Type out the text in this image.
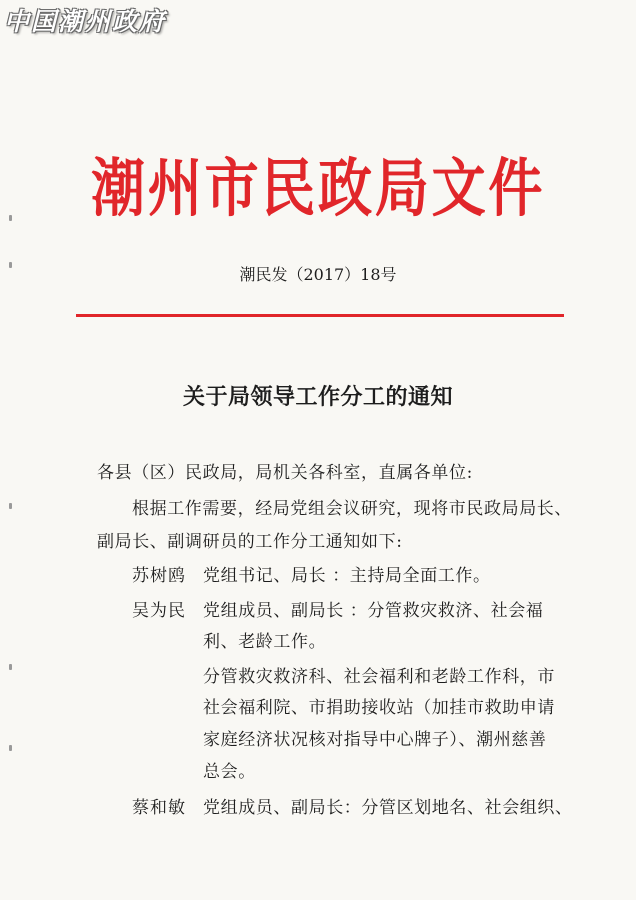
中国潮州政府
潮州市民政局文件
潮民发（2017）18号
关于局领导工作分工的通知
各县（区）民政局，局机关各科室，直属各单位:
根据工作需要，经局党组会议研究，现将市民政局局长、
副局长、副调研员的工作分工通知如下:
苏树鸥 党组书记、局长 ：主持局全面工作。
吴为民 党组成员、副局长 ：分管救灾救济、社会福
利、老龄工作。
分管救灾救济科、社会福利和老龄工作科，市
社会福利院、市捐助接收站（加挂市救助申请
家庭经济状况核对指导中心牌子）、潮州慈善
总会。
蔡和敏 党组成员、副局长：分管区划地名、社会组织、
